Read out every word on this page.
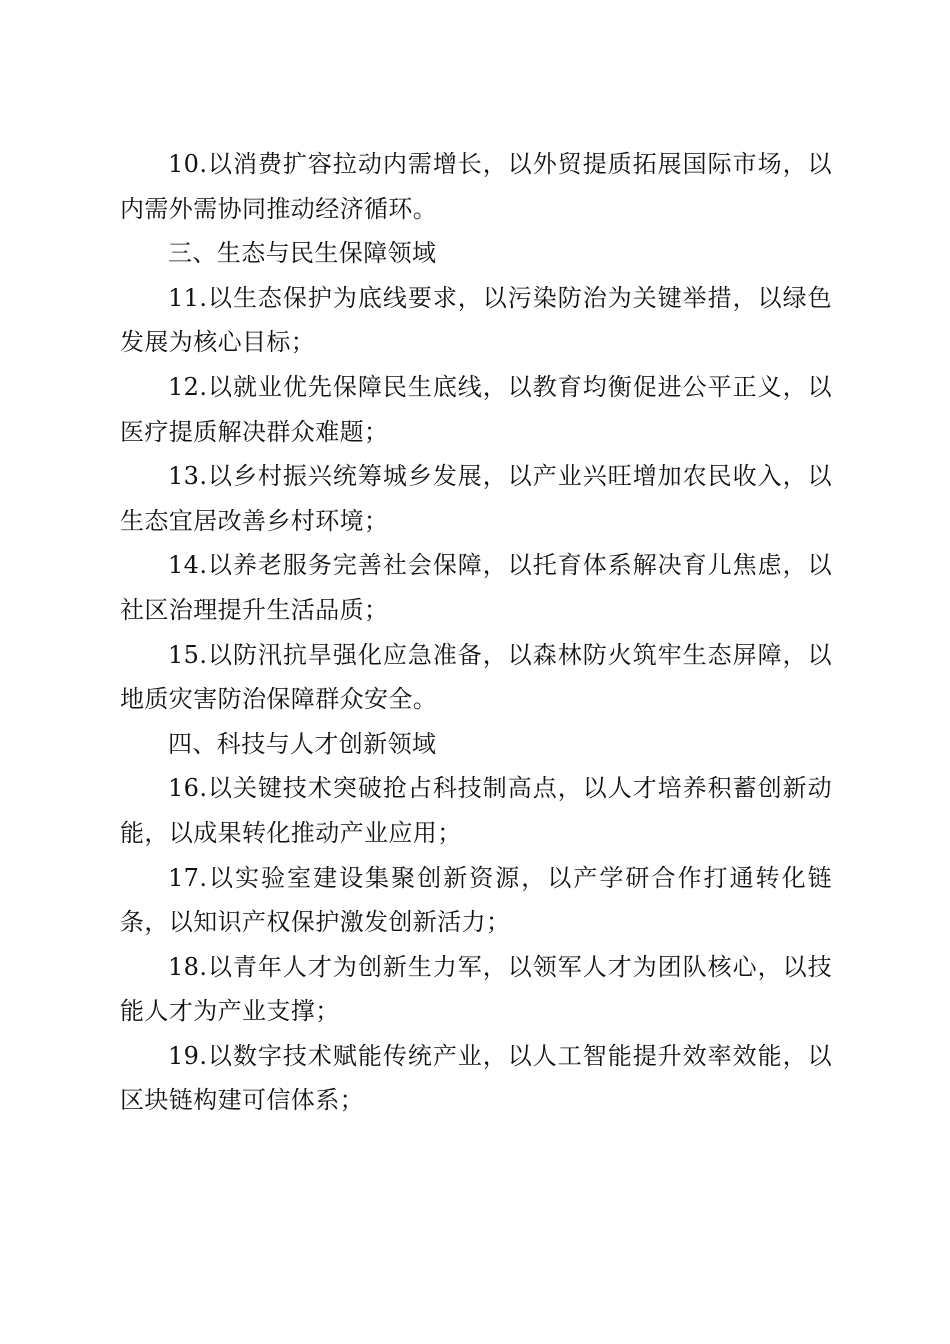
10.以消费扩容拉动内需增长，以外贸提质拓展国际市场，以内需外需协同推动经济循环。

三、生态与民生保障领域

11.以生态保护为底线要求，以污染防治为关键举措，以绿色发展为核心目标；

12.以就业优先保障民生底线，以教育均衡促进公平正义，以医疗提质解决群众难题；

13.以乡村振兴统筹城乡发展，以产业兴旺增加农民收入，以生态宜居改善乡村环境；

14.以养老服务完善社会保障，以托育体系解决育儿焦虑，以社区治理提升生活品质；

15.以防汛抗旱强化应急准备，以森林防火筑牢生态屏障，以地质灾害防治保障群众安全。

四、科技与人才创新领域

16.以关键技术突破抢占科技制高点，以人才培养积蓄创新动能，以成果转化推动产业应用；

17.以实验室建设集聚创新资源，以产学研合作打通转化链条，以知识产权保护激发创新活力；

18.以青年人才为创新生力军，以领军人才为团队核心，以技能人才为产业支撑；

19.以数字技术赋能传统产业，以人工智能提升效率效能，以区块链构建可信体系；
